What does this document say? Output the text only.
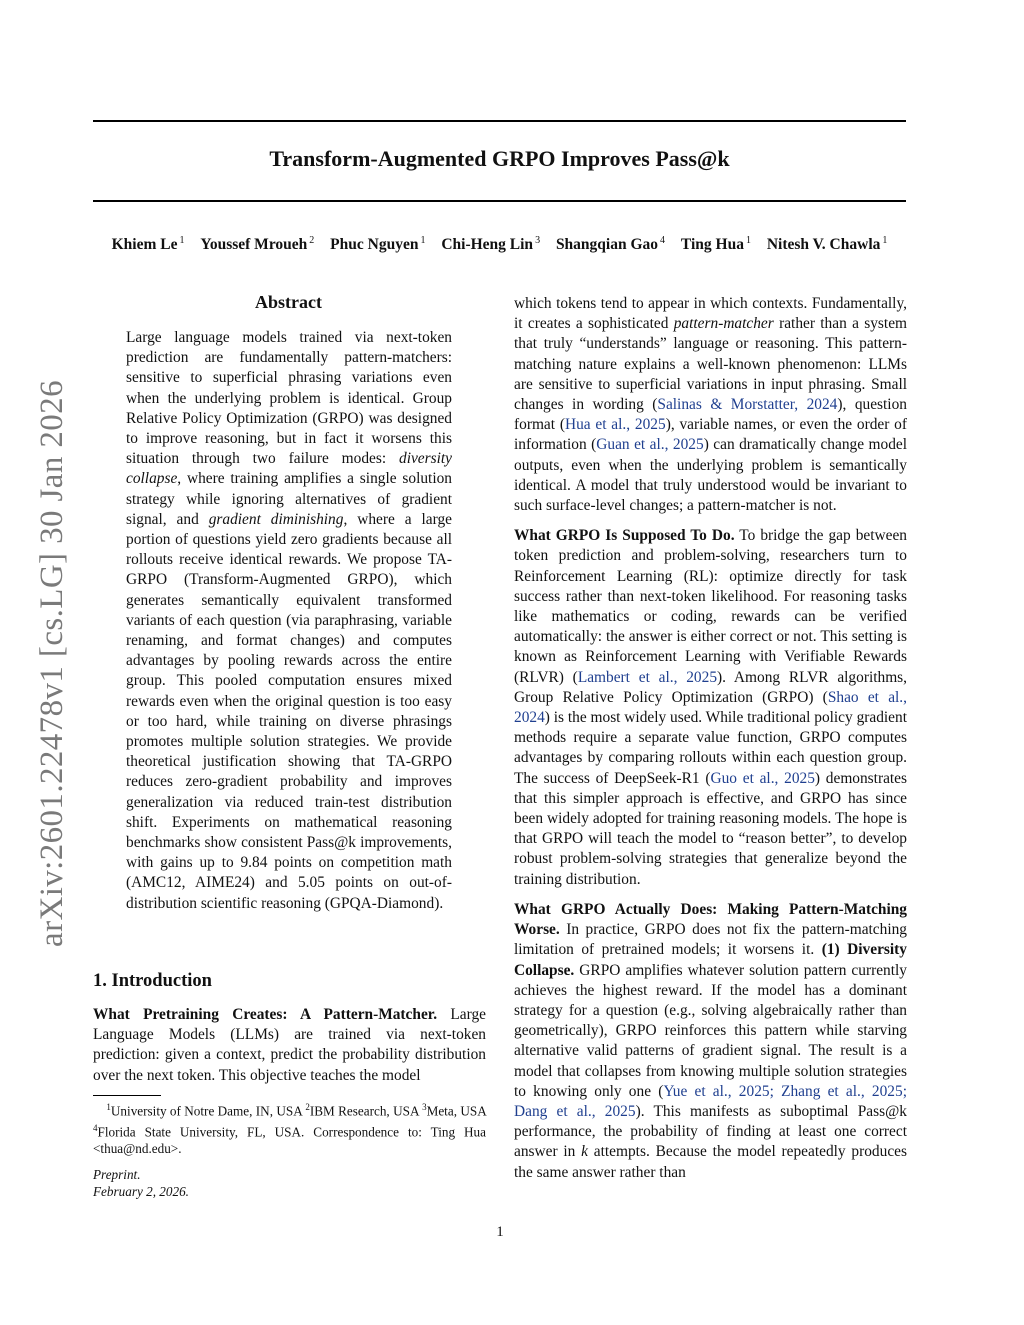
arXiv:2601.22478v1 [cs.LG] 30 Jan 2026
Transform-Augmented GRPO Improves Pass@k
Khiem Le $^1$ Youssef Mroueh $^2$ Phuc Nguyen $^1$ Chi-Heng Lin $^3$ Shangqian Gao $^4$ Ting Hua $^1$ Nitesh V. Chawla $^1$
Abstract

Large language models trained via next-token prediction are fundamentally pattern-matchers: sensitive to superficial phrasing variations even when the underlying problem is identical. Group Relative Policy Optimization (GRPO) was designed to improve reasoning, but in fact it worsens this situation through two failure modes: diversity collapse, where training amplifies a single solution strategy while ignoring alternatives of gradient signal, and gradient diminishing, where a large portion of questions yield zero gradients because all rollouts receive identical rewards. We propose TA-GRPO (Transform-Augmented GRPO), which generates semantically equivalent transformed variants of each question (via paraphrasing, variable renaming, and format changes) and computes advantages by pooling rewards across the entire group. This pooled computation ensures mixed rewards even when the original question is too easy or too hard, while training on diverse phrasings promotes multiple solution strategies. We provide theoretical justification showing that TA-GRPO reduces zero-gradient probability and improves generalization via reduced train-test distribution shift. Experiments on mathematical reasoning benchmarks show consistent Pass@k improvements, with gains up to 9.84 points on competition math (AMC12, AIME24) and 5.05 points on out-of-distribution scientific reasoning (GPQA-Diamond).

1. Introduction

What Pretraining Creates: A Pattern-Matcher. Large Language Models (LLMs) are trained via next-token prediction: given a context, predict the probability distribution over the next token. This objective teaches the model

$^1$University of Notre Dame, IN, USA $^2$IBM Research, USA $^3$Meta, USA $^4$Florida State University, FL, USA. Correspondence to: Ting Hua <thua@nd.edu>.
Preprint.
February 2, 2026.

which tokens tend to appear in which contexts. Fundamentally, it creates a sophisticated pattern-matcher rather than a system that truly “understands” language or reasoning. This pattern-matching nature explains a well-known phenomenon: LLMs are sensitive to superficial variations in input phrasing. Small changes in wording (Salinas & Morstatter, 2024), question format (Hua et al., 2025), variable names, or even the order of information (Guan et al., 2025) can dramatically change model outputs, even when the underlying problem is semantically identical. A model that truly understood would be invariant to such surface-level changes; a pattern-matcher is not.

What GRPO Is Supposed To Do. To bridge the gap between token prediction and problem-solving, researchers turn to Reinforcement Learning (RL): optimize directly for task success rather than next-token likelihood. For reasoning tasks like mathematics or coding, rewards can be verified automatically: the answer is either correct or not. This setting is known as Reinforcement Learning with Verifiable Rewards (RLVR) (Lambert et al., 2025). Among RLVR algorithms, Group Relative Policy Optimization (GRPO) (Shao et al., 2024) is the most widely used. While traditional policy gradient methods require a separate value function, GRPO computes advantages by comparing rollouts within each question group. The success of DeepSeek-R1 (Guo et al., 2025) demonstrates that this simpler approach is effective, and GRPO has since been widely adopted for training reasoning models. The hope is that GRPO will teach the model to “reason better”, to develop robust problem-solving strategies that generalize beyond the training distribution.

What GRPO Actually Does: Making Pattern-Matching Worse. In practice, GRPO does not fix the pattern-matching limitation of pretrained models; it worsens it. (1) Diversity Collapse. GRPO amplifies whatever solution pattern currently achieves the highest reward. If the model has a dominant strategy for a question (e.g., solving algebraically rather than geometrically), GRPO reinforces this pattern while starving alternative valid patterns of gradient signal. The result is a model that collapses from knowing multiple solution strategies to knowing only one (Yue et al., 2025; Zhang et al., 2025; Dang et al., 2025). This manifests as suboptimal Pass@k performance, the probability of finding at least one correct answer in k attempts. Because the model repeatedly produces the same answer rather than

1
